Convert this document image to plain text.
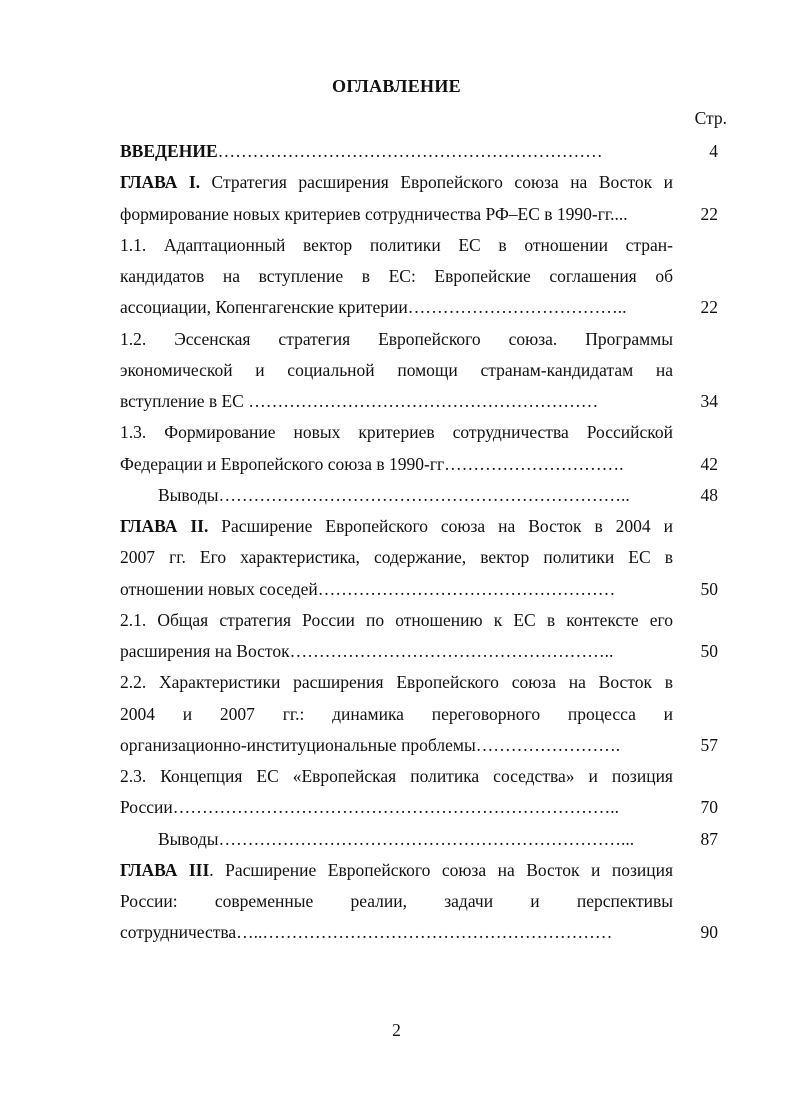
ОГЛАВЛЕНИЕ
Стр.
ВВЕДЕНИЕ…………………………………………………………	4
ГЛАВА I. Стратегия расширения Европейского союза на Восток и
формирование новых критериев сотрудничества РФ–ЕС в 1990-гг....	22
1.1. Адаптационный вектор политики ЕС в отношении стран-
кандидатов на вступление в ЕС: Европейские соглашения об
ассоциации, Копенгагенские критерии………………………………..	22
1.2. Эссенская стратегия Европейского союза. Программы
экономической и социальной помощи странам-кандидатам на
вступление в ЕС ……………………………………………………	34
1.3. Формирование новых критериев сотрудничества Российской
Федерации и Европейского союза в 1990-гг………………………….	42
Выводы……………………………………………………………..	48
ГЛАВА II. Расширение Европейского союза на Восток в 2004 и
2007 гг. Его характеристика, содержание, вектор политики ЕС в
отношении новых соседей……………………………………………	50
2.1. Общая стратегия России по отношению к ЕС в контексте его
расширения на Восток………………………………………………..	50
2.2. Характеристики расширения Европейского союза на Восток в
2004 и 2007 гг.: динамика переговорного процесса и
организационно-институциональные проблемы…………………….	57
2.3. Концепция ЕС «Европейская политика соседства» и позиция
России…………………………………………………………………..	70
Выводы……………………………………………………………...	87
ГЛАВА III. Расширение Европейского союза на Восток и позиция
России: современные реалии, задачи и перспективы
сотрудничества…..……………………………………………………	90
2
